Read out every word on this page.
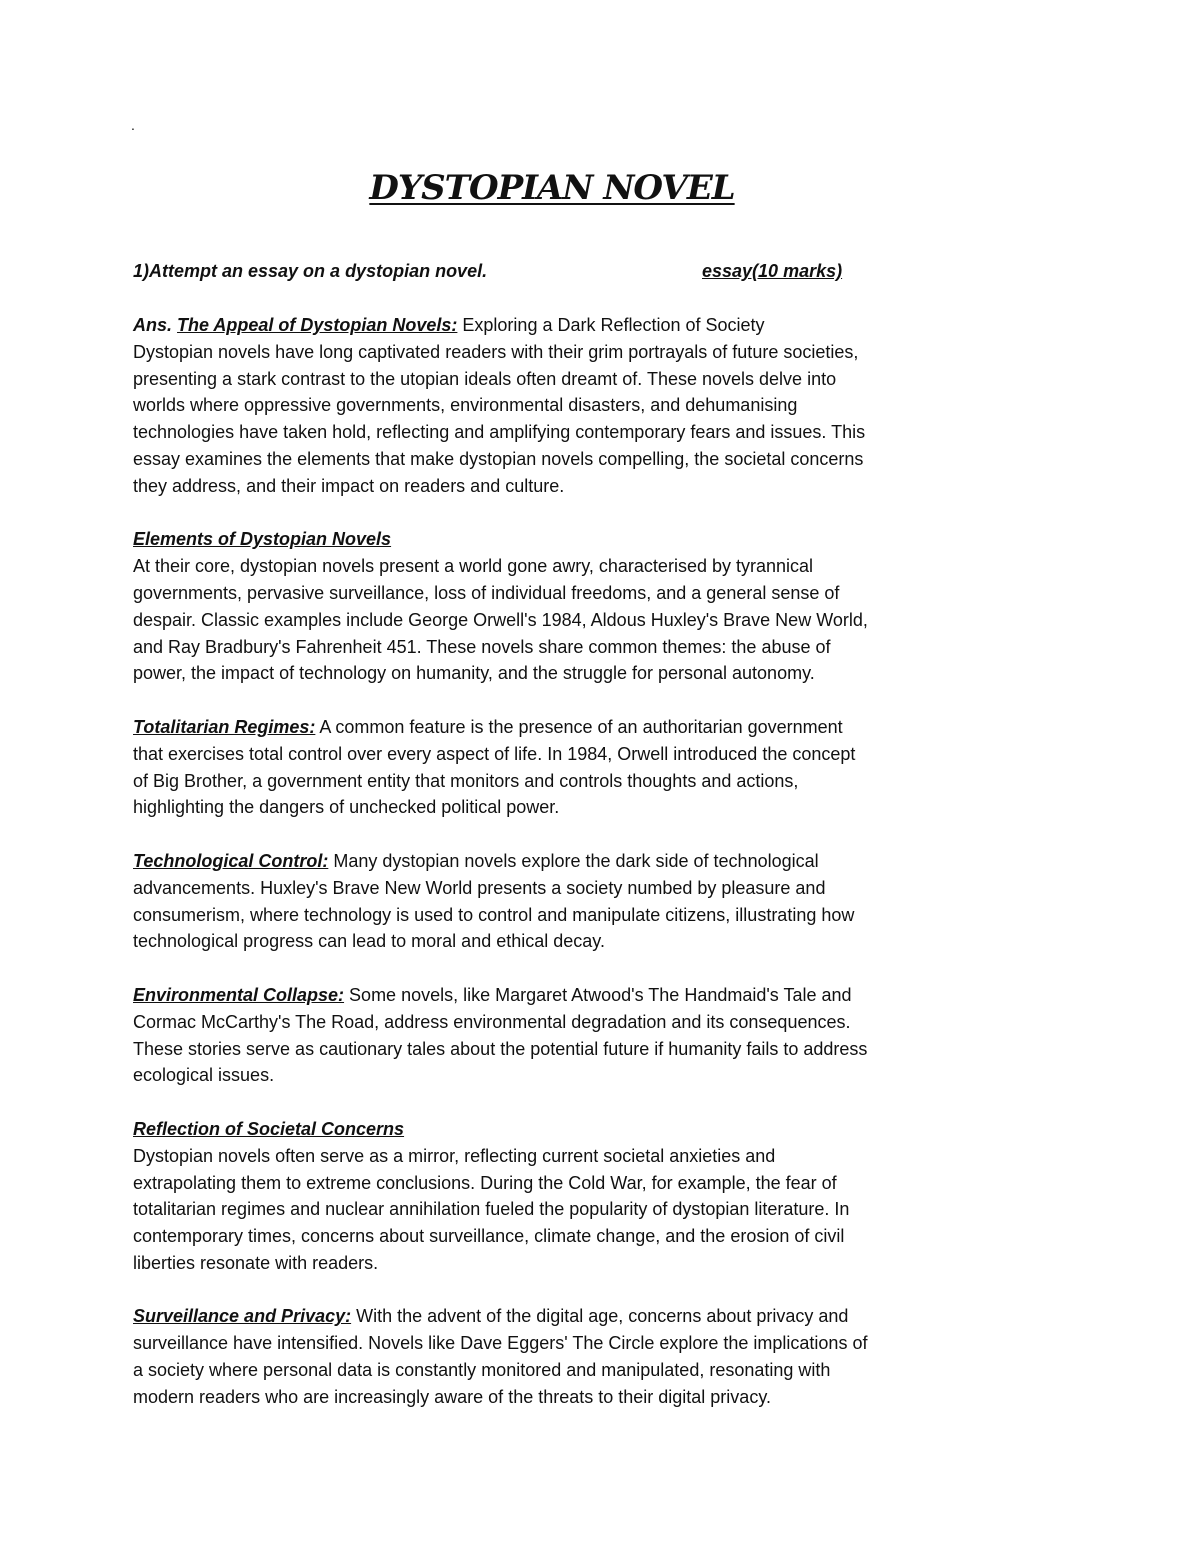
.
DYSTOPIAN NOVEL
1)Attempt an essay on a dystopian novel.	essay(10 marks)
Ans. The Appeal of Dystopian Novels: Exploring a Dark Reflection of Society
Dystopian novels have long captivated readers with their grim portrayals of future societies,
presenting a stark contrast to the utopian ideals often dreamt of. These novels delve into
worlds where oppressive governments, environmental disasters, and dehumanising
technologies have taken hold, reflecting and amplifying contemporary fears and issues. This
essay examines the elements that make dystopian novels compelling, the societal concerns
they address, and their impact on readers and culture.
Elements of Dystopian Novels
At their core, dystopian novels present a world gone awry, characterised by tyrannical
governments, pervasive surveillance, loss of individual freedoms, and a general sense of
despair. Classic examples include George Orwell's 1984, Aldous Huxley's Brave New World,
and Ray Bradbury's Fahrenheit 451. These novels share common themes: the abuse of
power, the impact of technology on humanity, and the struggle for personal autonomy.
Totalitarian Regimes: A common feature is the presence of an authoritarian government
that exercises total control over every aspect of life. In 1984, Orwell introduced the concept
of Big Brother, a government entity that monitors and controls thoughts and actions,
highlighting the dangers of unchecked political power.
Technological Control: Many dystopian novels explore the dark side of technological
advancements. Huxley's Brave New World presents a society numbed by pleasure and
consumerism, where technology is used to control and manipulate citizens, illustrating how
technological progress can lead to moral and ethical decay.
Environmental Collapse: Some novels, like Margaret Atwood's The Handmaid's Tale and
Cormac McCarthy's The Road, address environmental degradation and its consequences.
These stories serve as cautionary tales about the potential future if humanity fails to address
ecological issues.
Reflection of Societal Concerns
Dystopian novels often serve as a mirror, reflecting current societal anxieties and
extrapolating them to extreme conclusions. During the Cold War, for example, the fear of
totalitarian regimes and nuclear annihilation fueled the popularity of dystopian literature. In
contemporary times, concerns about surveillance, climate change, and the erosion of civil
liberties resonate with readers.
Surveillance and Privacy: With the advent of the digital age, concerns about privacy and
surveillance have intensified. Novels like Dave Eggers' The Circle explore the implications of
a society where personal data is constantly monitored and manipulated, resonating with
modern readers who are increasingly aware of the threats to their digital privacy.
